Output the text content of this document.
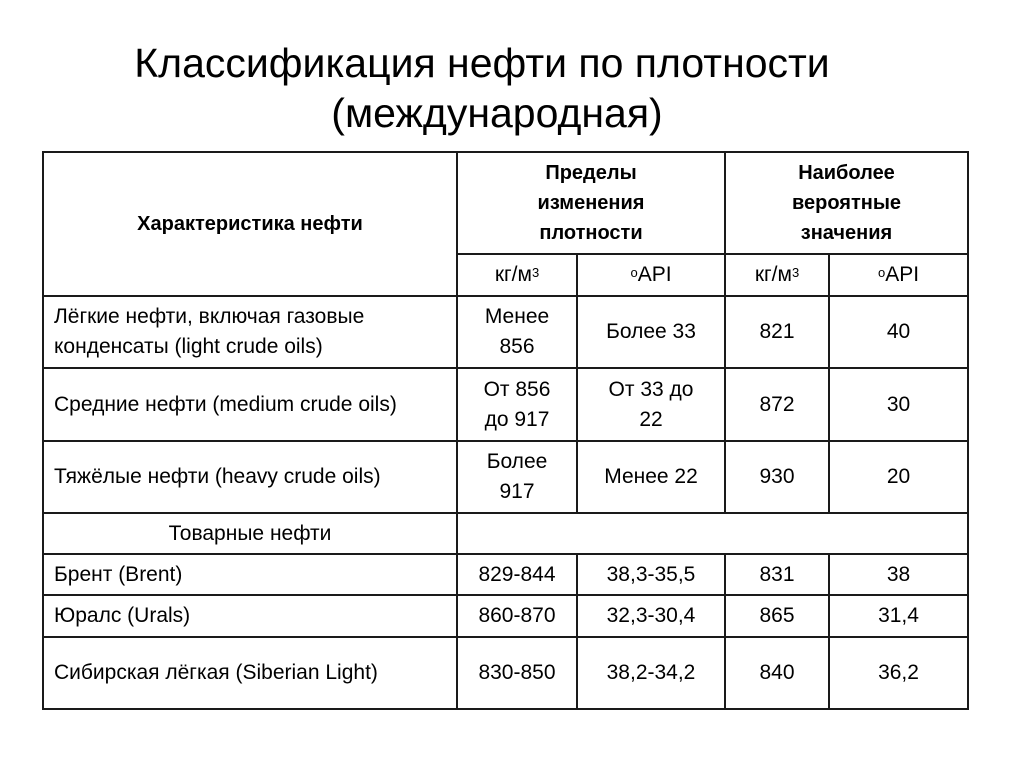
Классификация нефти по плотности
(международная)
Характеристика нефти	Пределы изменения плотности		Наиболее вероятные значения	
	$кг/м^3$	$^o$API	$кг/м^3$	$^o$API
Лёгкие нефти, включая газовые конденсаты (light crude oils)	Менее 856	Более 33	821	40
Средние нефти (medium crude oils)	От 856 до 917	От 33 до 22	872	30
Тяжёлые нефти (heavy crude oils)	Более 917	Менее 22	930	20
Товарные нефти				
Брент (Brent)	829-844	38,3-35,5	831	38
Юралс (Urals)	860-870	32,3-30,4	865	31,4
Сибирская лёгкая (Siberian Light)	830-850	38,2-34,2	840	36,2
